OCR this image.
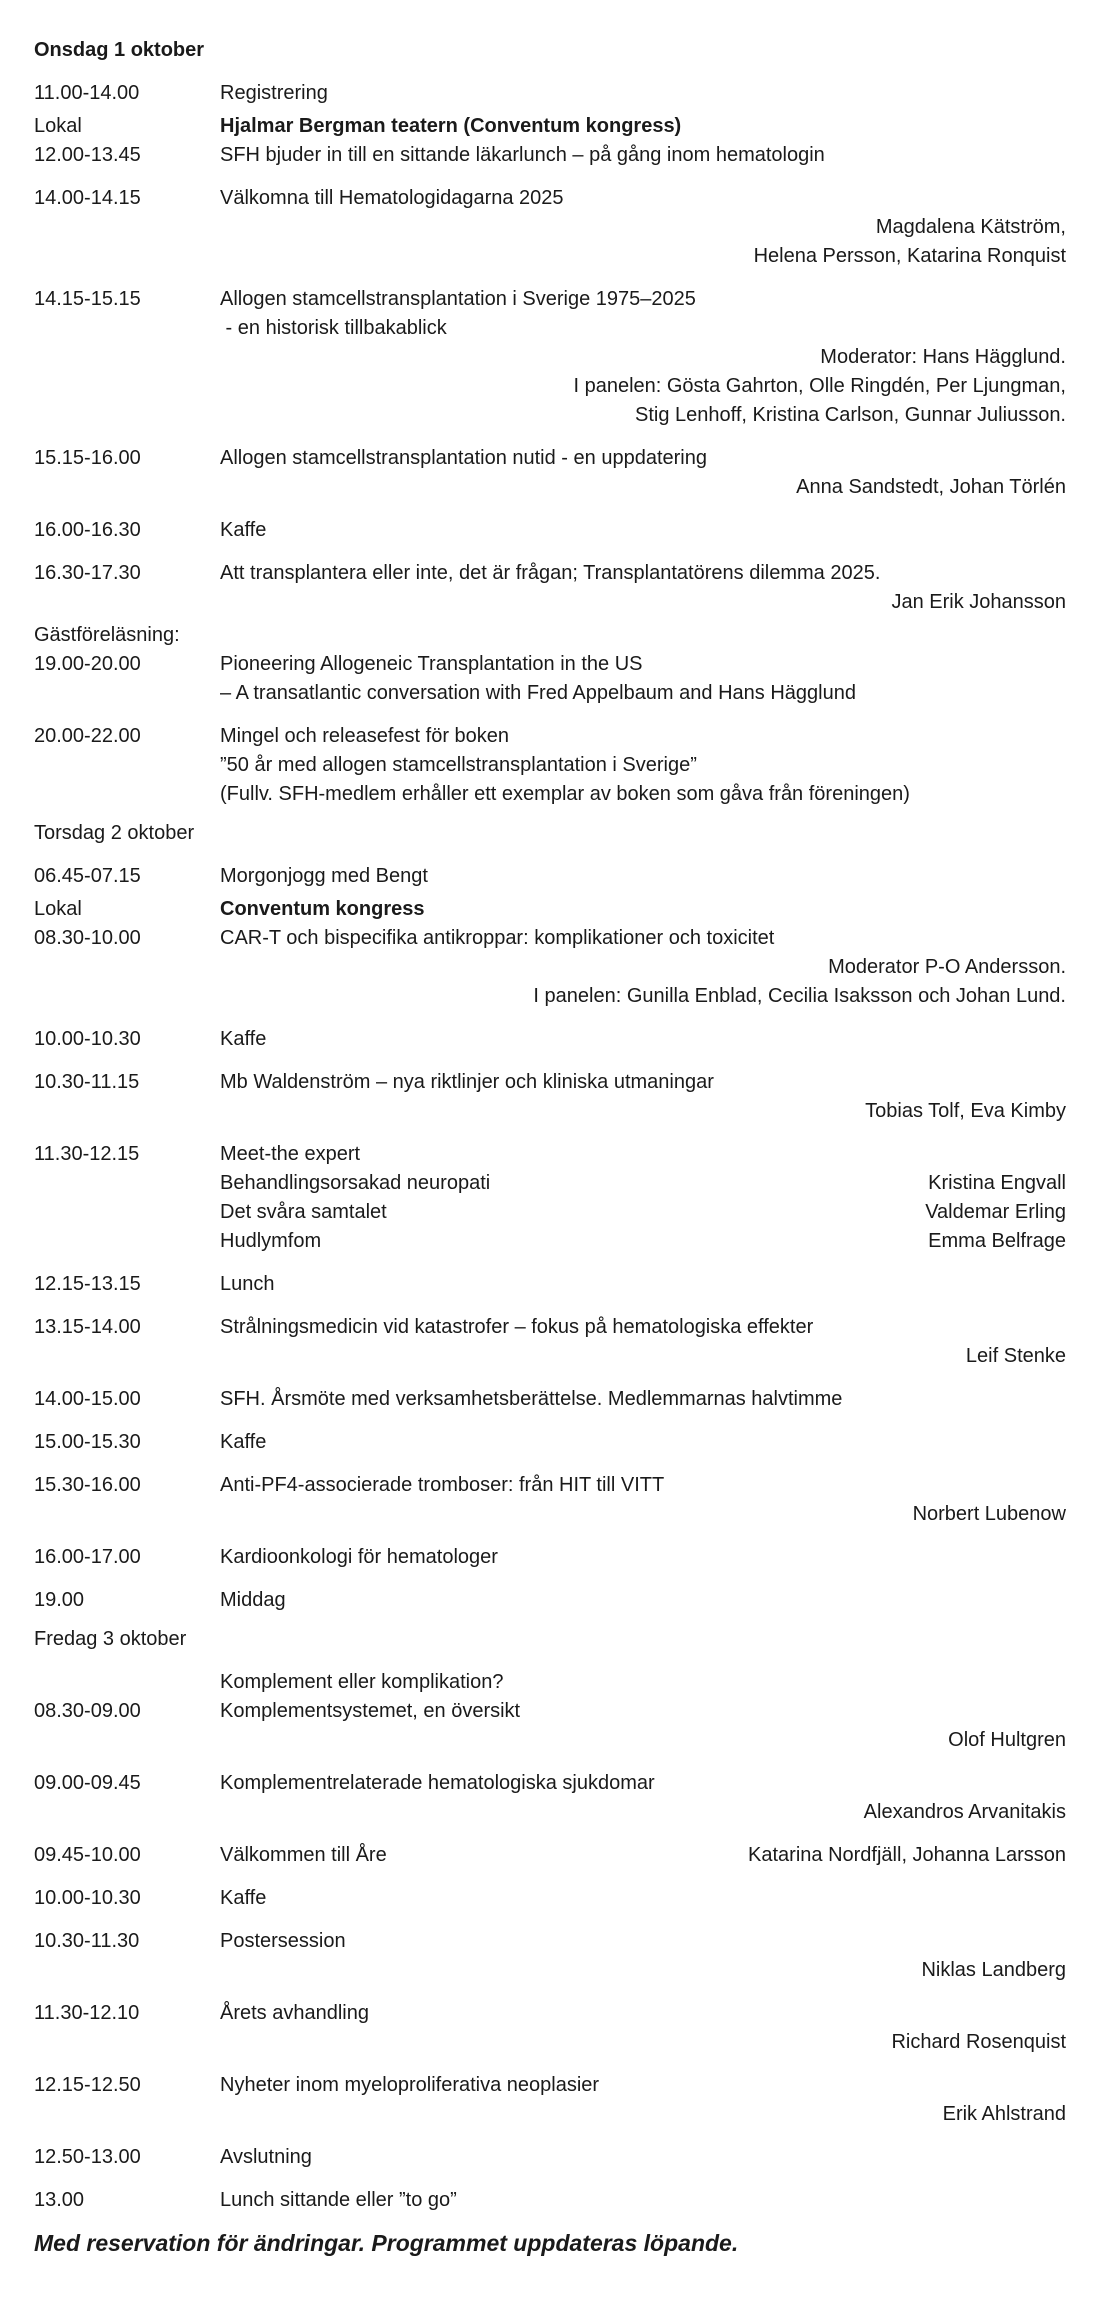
Onsdag 1 oktober
11.00-14.00	Registrering
Lokal	Hjalmar Bergman teatern (Conventum kongress)
12.00-13.45	SFH bjuder in till en sittande läkarlunch – på gång inom hematologin
14.00-14.15	Välkomna till Hematologidagarna 2025
Magdalena Kätström,
Helena Persson, Katarina Ronquist
14.15-15.15	Allogen stamcellstransplantation i Sverige 1975–2025
- en historisk tillbakablick
Moderator: Hans Hägglund.
I panelen: Gösta Gahrton, Olle Ringdén, Per Ljungman,
Stig Lenhoff, Kristina Carlson, Gunnar Juliusson.
15.15-16.00	Allogen stamcellstransplantation nutid - en uppdatering
Anna Sandstedt, Johan Törlén
16.00-16.30	Kaffe
16.30-17.30	Att transplantera eller inte, det är frågan; Transplantatörens dilemma 2025.
Jan Erik Johansson
Gästföreläsning:
19.00-20.00	Pioneering Allogeneic Transplantation in the US
– A transatlantic conversation with Fred Appelbaum and Hans Hägglund
20.00-22.00	Mingel och releasefest för boken
”50 år med allogen stamcellstransplantation i Sverige”
(Fullv. SFH-medlem erhåller ett exemplar av boken som gåva från föreningen)
Torsdag 2 oktober
06.45-07.15	Morgonjogg med Bengt
Lokal	Conventum kongress
08.30-10.00	CAR-T och bispecifika antikroppar: komplikationer och toxicitet
Moderator P-O Andersson.
I panelen: Gunilla Enblad, Cecilia Isaksson och Johan Lund.
10.00-10.30	Kaffe
10.30-11.15	Mb Waldenström – nya riktlinjer och kliniska utmaningar
Tobias Tolf, Eva Kimby
11.30-12.15	Meet-the expert
Behandlingsorsakad neuropati	Kristina Engvall
Det svåra samtalet	Valdemar Erling
Hudlymfom	Emma Belfrage
12.15-13.15	Lunch
13.15-14.00	Strålningsmedicin vid katastrofer – fokus på hematologiska effekter
Leif Stenke
14.00-15.00	SFH. Årsmöte med verksamhetsberättelse. Medlemmarnas halvtimme
15.00-15.30	Kaffe
15.30-16.00	Anti-PF4-associerade tromboser: från HIT till VITT
Norbert Lubenow
16.00-17.00	Kardioonkologi för hematologer
19.00	Middag
Fredag 3 oktober
Komplement eller komplikation?
08.30-09.00	Komplementsystemet, en översikt
Olof Hultgren
09.00-09.45	Komplementrelaterade hematologiska sjukdomar
Alexandros Arvanitakis
09.45-10.00	Välkommen till Åre	Katarina Nordfjäll, Johanna Larsson
10.00-10.30	Kaffe
10.30-11.30	Postersession
Niklas Landberg
11.30-12.10	Årets avhandling
Richard Rosenquist
12.15-12.50	Nyheter inom myeloproliferativa neoplasier
Erik Ahlstrand
12.50-13.00	Avslutning
13.00	Lunch sittande eller ”to go”
Med reservation för ändringar. Programmet uppdateras löpande.
